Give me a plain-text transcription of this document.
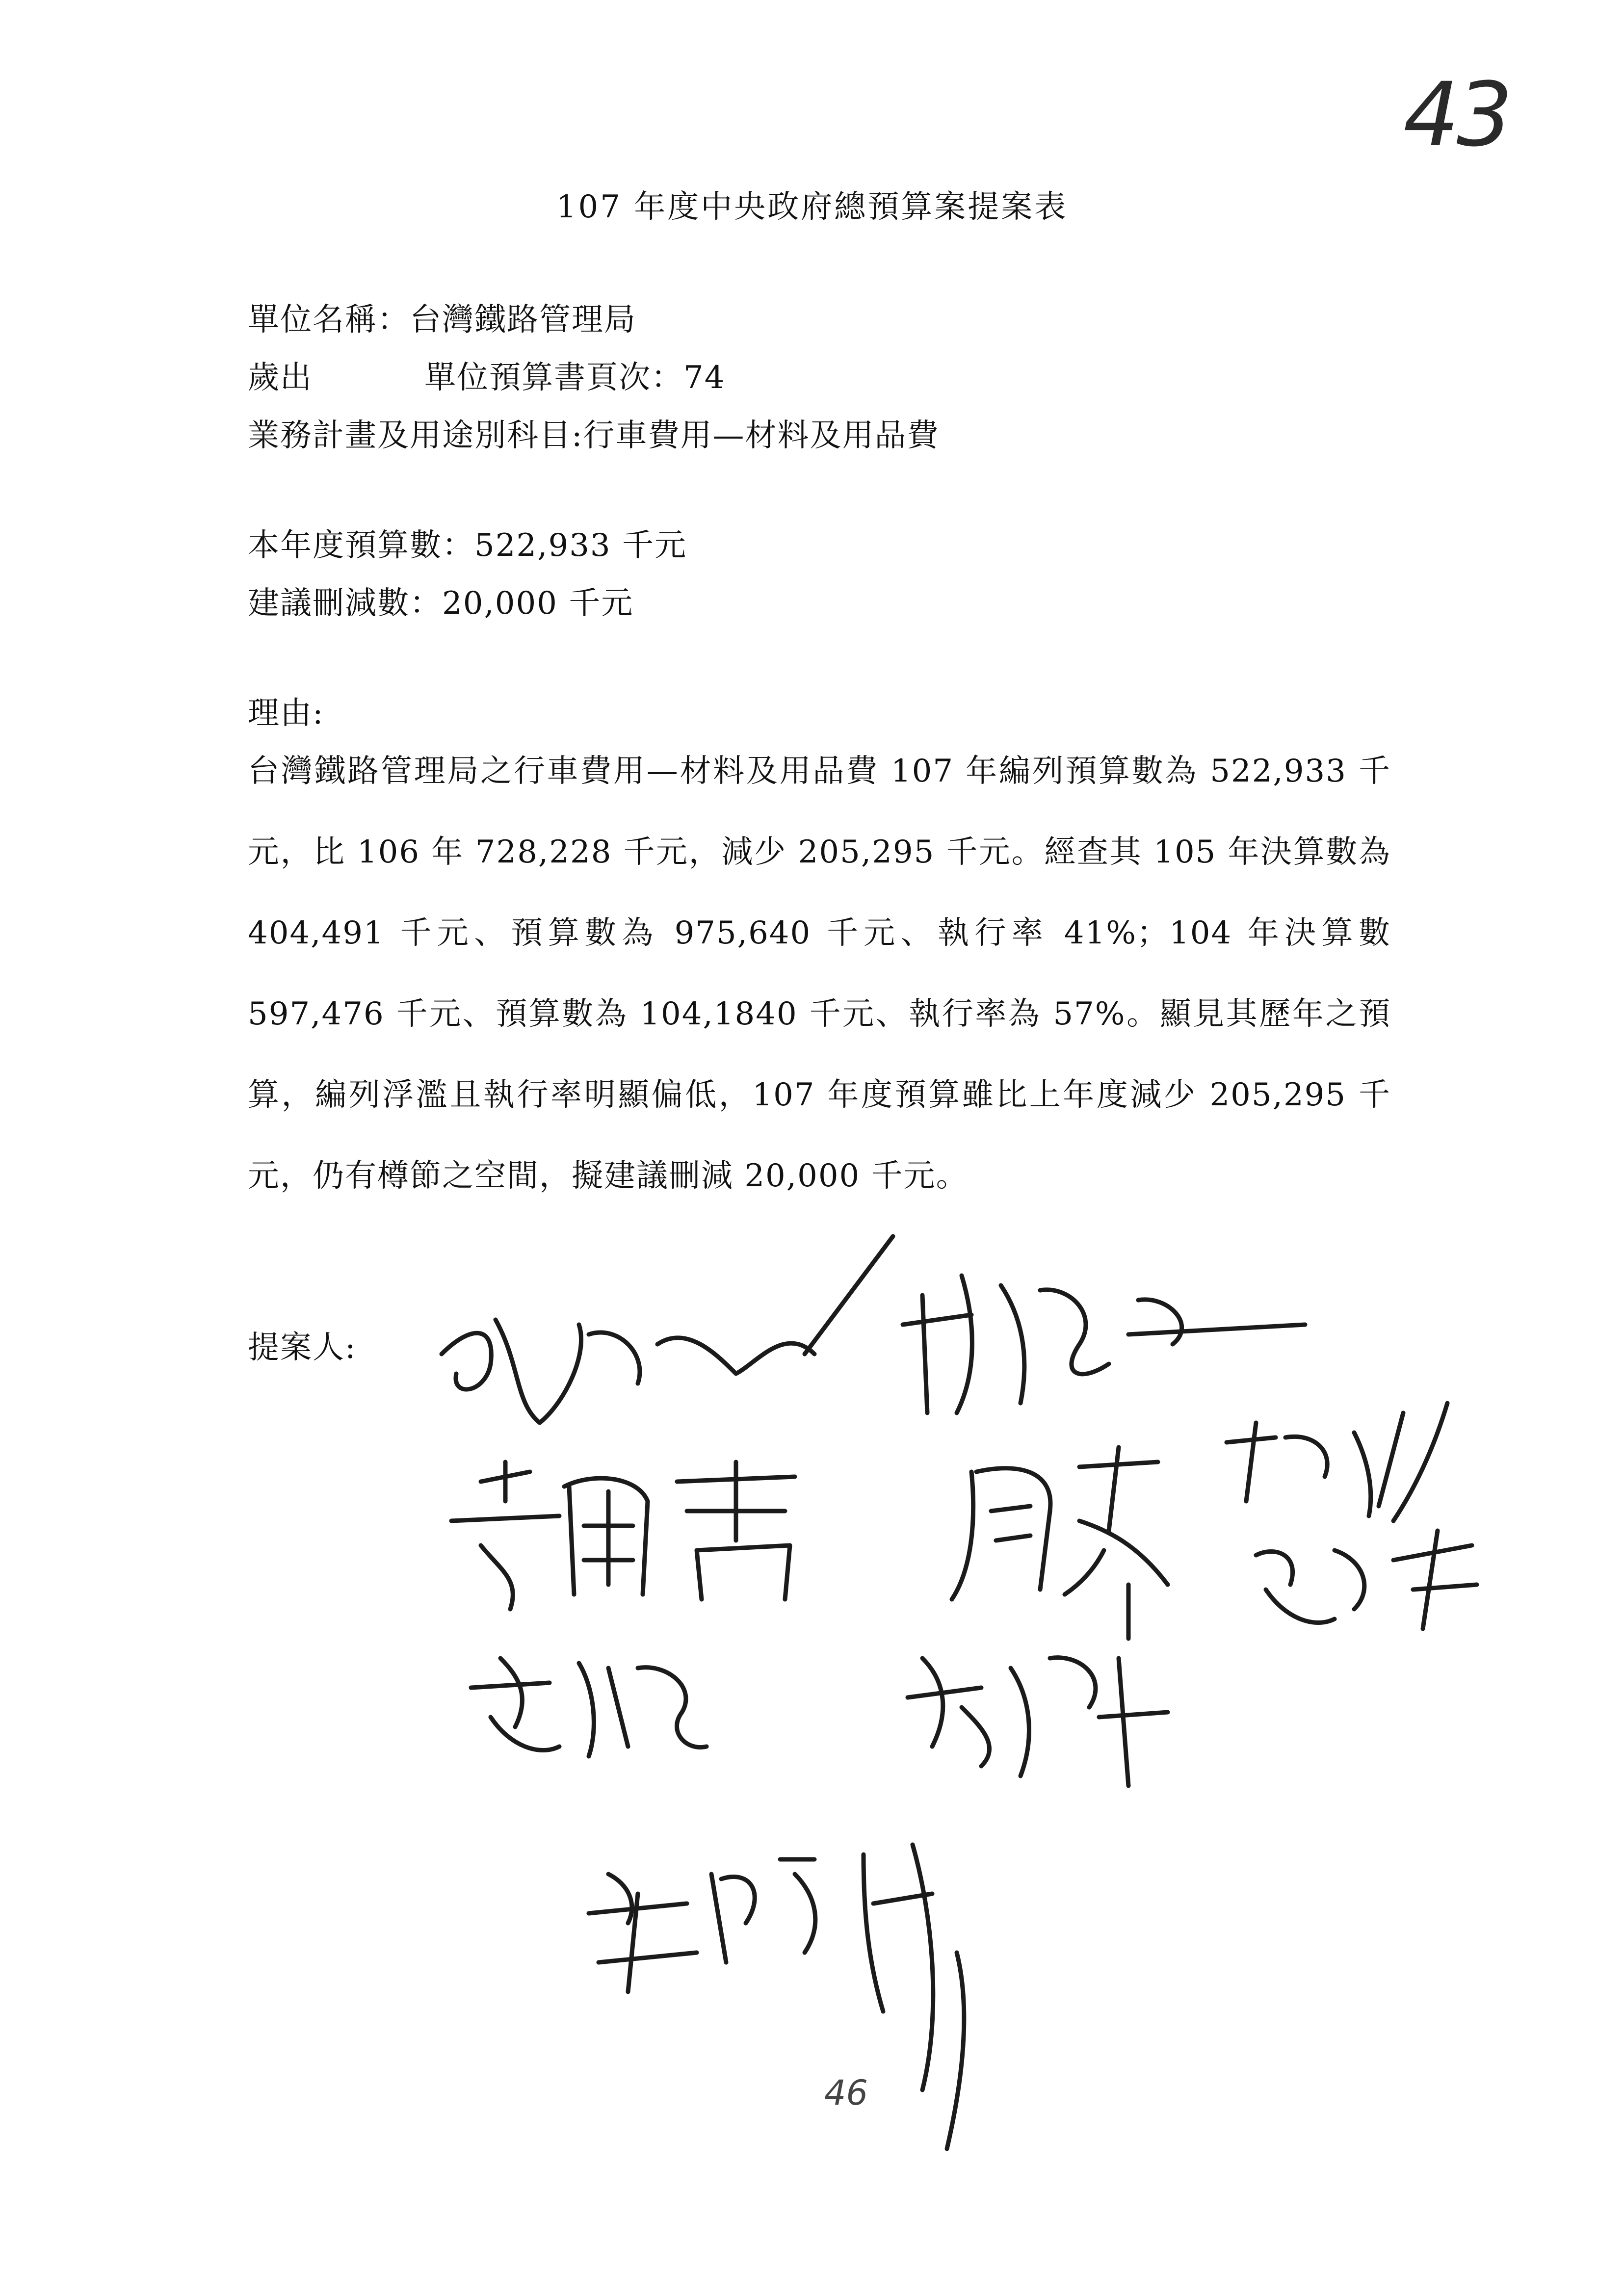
43
107 年度中央政府總預算案提案表
單位名稱：台灣鐵路管理局
歲出	單位預算書頁次：74
業務計畫及用途別科目:行車費用—材料及用品費
本年度預算數：522,933 千元
建議刪減數：20,000 千元
理由:

台灣鐵路管理局之行車費用—材料及用品費 107 年編列預算數為 522,933 千元，比 106 年 728,228 千元，減少 205,295 千元。經查其 105 年決算數為 404,491 千元、預算數為 975,640 千元、執行率 41%；104 年決算數 597,476 千元、預算數為 104,1840 千元、執行率為 57%。顯見其歷年之預算，編列浮濫且執行率明顯偏低，107 年度預算雖比上年度減少 205,295 千元，仍有樽節之空間，擬建議刪減 20,000 千元。

提案人:
46
